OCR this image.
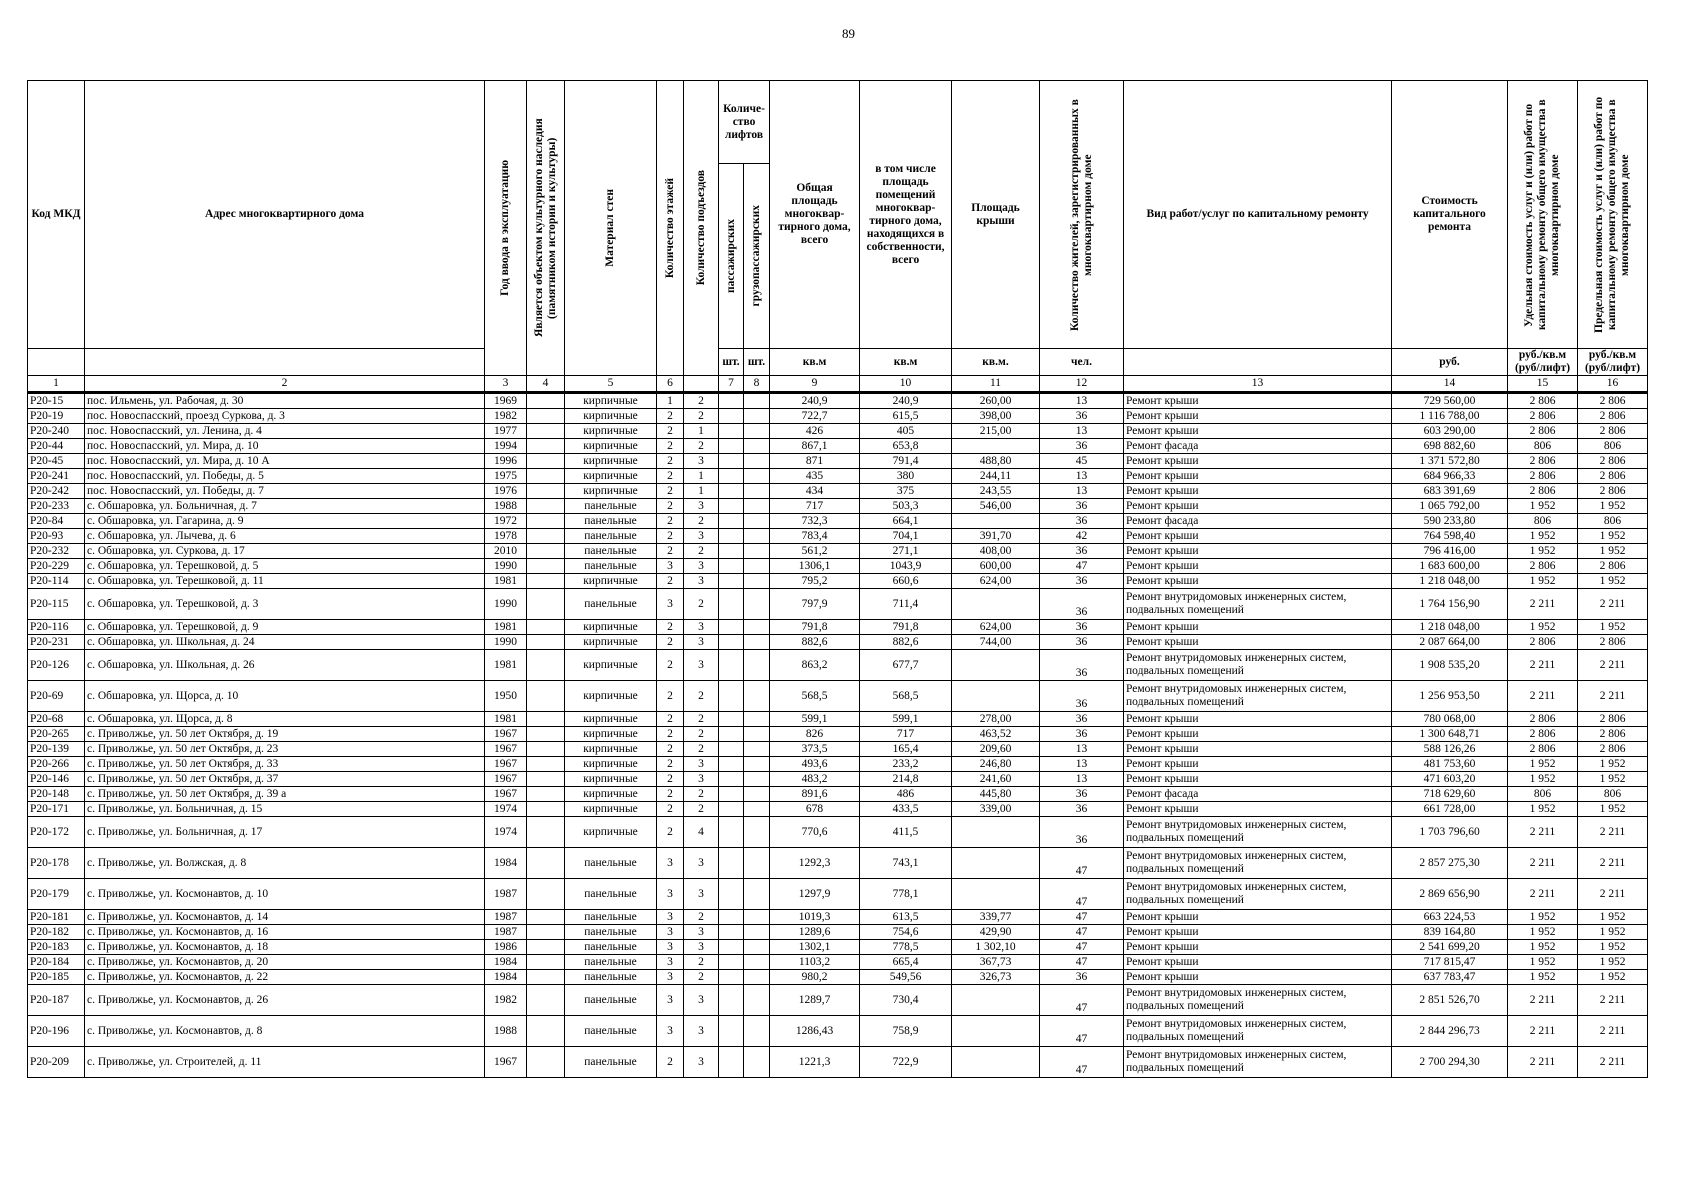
89
Код МКД	Адрес многоквартирного дома	Год ввода в эксплуатацию	Является объектом культурного наследия (памятником истории и культуры)	Материал стен	Количество этажей	Количество подъездов	Количе-ство лифтов		Общая площадь многоквар-тирного дома, всего	в том числе площадь помещений многоквар-тирного дома, находящихся в собственности, всего	Площадь крыши	Количество жителей, зарегистрированных в многоквартирном доме	Вид работ/услуг по капитальному ремонту	Стоимость капитального ремонта	Удельная стоимость услуг и (или) работ по капитальному ремонту общего имущества в многоквартирном доме	Предельная стоимость услуг и (или) работ по капитальному ремонту общего имущества в многоквартирном доме

							пассажирских	грузопассажирских								

							шт.	шт.	кв.м	кв.м	кв.м.	чел.		руб.	руб./кв.м (руб/лифт)	руб./кв.м (руб/лифт)
1	2	3	4	5	6		7	8	9	10	11	12	13	14	15	16
Р20-15	пос. Ильмень, ул. Рабочая, д. 30	1969		кирпичные	1	2			240,9	240,9	260,00	13	Ремонт крыши	729 560,00	2 806	2 806
Р20-19	пос. Новоспасский, проезд Суркова, д. 3	1982		кирпичные	2	2			722,7	615,5	398,00	36	Ремонт крыши	1 116 788,00	2 806	2 806
Р20-240	пос. Новоспасский, ул. Ленина, д. 4	1977		кирпичные	2	1			426	405	215,00	13	Ремонт крыши	603 290,00	2 806	2 806
Р20-44	пос. Новоспасский, ул. Мира, д. 10	1994		кирпичные	2	2			867,1	653,8		36	Ремонт фасада	698 882,60	806	806
Р20-45	пос. Новоспасский, ул. Мира, д. 10 А	1996		кирпичные	2	3			871	791,4	488,80	45	Ремонт крыши	1 371 572,80	2 806	2 806
Р20-241	пос. Новоспасский, ул. Победы, д. 5	1975		кирпичные	2	1			435	380	244,11	13	Ремонт крыши	684 966,33	2 806	2 806
Р20-242	пос. Новоспасский, ул. Победы, д. 7	1976		кирпичные	2	1			434	375	243,55	13	Ремонт крыши	683 391,69	2 806	2 806
Р20-233	с. Обшаровка, ул. Больничная, д. 7	1988		панельные	2	3			717	503,3	546,00	36	Ремонт крыши	1 065 792,00	1 952	1 952
Р20-84	с. Обшаровка, ул. Гагарина, д. 9	1972		панельные	2	2			732,3	664,1		36	Ремонт фасада	590 233,80	806	806
Р20-93	с. Обшаровка, ул. Лычева, д. 6	1978		панельные	2	3			783,4	704,1	391,70	42	Ремонт крыши	764 598,40	1 952	1 952
Р20-232	с. Обшаровка, ул. Суркова, д. 17	2010		панельные	2	2			561,2	271,1	408,00	36	Ремонт крыши	796 416,00	1 952	1 952
Р20-229	с. Обшаровка, ул. Терешковой, д. 5	1990		панельные	3	3			1306,1	1043,9	600,00	47	Ремонт крыши	1 683 600,00	2 806	2 806
Р20-114	с. Обшаровка, ул. Терешковой, д. 11	1981		кирпичные	2	3			795,2	660,6	624,00	36	Ремонт крыши	1 218 048,00	1 952	1 952
Р20-115	с. Обшаровка, ул. Терешковой, д. 3	1990		панельные	3	2			797,9	711,4		36	Ремонт внутридомовых инженерных систем, подвальных помещений	1 764 156,90	2 211	2 211
Р20-116	с. Обшаровка, ул. Терешковой, д. 9	1981		кирпичные	2	3			791,8	791,8	624,00	36	Ремонт крыши	1 218 048,00	1 952	1 952
Р20-231	с. Обшаровка, ул. Школьная, д. 24	1990		кирпичные	2	3			882,6	882,6	744,00	36	Ремонт крыши	2 087 664,00	2 806	2 806
Р20-126	с. Обшаровка, ул. Школьная, д. 26	1981		кирпичные	2	3			863,2	677,7		36	Ремонт внутридомовых инженерных систем, подвальных помещений	1 908 535,20	2 211	2 211
Р20-69	с. Обшаровка, ул. Щорса, д. 10	1950		кирпичные	2	2			568,5	568,5		36	Ремонт внутридомовых инженерных систем, подвальных помещений	1 256 953,50	2 211	2 211
Р20-68	с. Обшаровка, ул. Щорса, д. 8	1981		кирпичные	2	2			599,1	599,1	278,00	36	Ремонт крыши	780 068,00	2 806	2 806
Р20-265	с. Приволжье, ул. 50 лет Октября, д. 19	1967		кирпичные	2	2			826	717	463,52	36	Ремонт крыши	1 300 648,71	2 806	2 806
Р20-139	с. Приволжье, ул. 50 лет Октября, д. 23	1967		кирпичные	2	2			373,5	165,4	209,60	13	Ремонт крыши	588 126,26	2 806	2 806
Р20-266	с. Приволжье, ул. 50 лет Октября, д. 33	1967		кирпичные	2	3			493,6	233,2	246,80	13	Ремонт крыши	481 753,60	1 952	1 952
Р20-146	с. Приволжье, ул. 50 лет Октября, д. 37	1967		кирпичные	2	3			483,2	214,8	241,60	13	Ремонт крыши	471 603,20	1 952	1 952
Р20-148	с. Приволжье, ул. 50 лет Октября, д. 39 а	1967		кирпичные	2	2			891,6	486	445,80	36	Ремонт фасада	718 629,60	806	806
Р20-171	с. Приволжье, ул. Больничная, д. 15	1974		кирпичные	2	2			678	433,5	339,00	36	Ремонт крыши	661 728,00	1 952	1 952
Р20-172	с. Приволжье, ул. Больничная, д. 17	1974		кирпичные	2	4			770,6	411,5		36	Ремонт внутридомовых инженерных систем, подвальных помещений	1 703 796,60	2 211	2 211
Р20-178	с. Приволжье, ул. Волжская, д. 8	1984		панельные	3	3			1292,3	743,1		47	Ремонт внутридомовых инженерных систем, подвальных помещений	2 857 275,30	2 211	2 211
Р20-179	с. Приволжье, ул. Космонавтов, д. 10	1987		панельные	3	3			1297,9	778,1		47	Ремонт внутридомовых инженерных систем, подвальных помещений	2 869 656,90	2 211	2 211
Р20-181	с. Приволжье, ул. Космонавтов, д. 14	1987		панельные	3	2			1019,3	613,5	339,77	47	Ремонт крыши	663 224,53	1 952	1 952
Р20-182	с. Приволжье, ул. Космонавтов, д. 16	1987		панельные	3	3			1289,6	754,6	429,90	47	Ремонт крыши	839 164,80	1 952	1 952
Р20-183	с. Приволжье, ул. Космонавтов, д. 18	1986		панельные	3	3			1302,1	778,5	1 302,10	47	Ремонт крыши	2 541 699,20	1 952	1 952
Р20-184	с. Приволжье, ул. Космонавтов, д. 20	1984		панельные	3	2			1103,2	665,4	367,73	47	Ремонт крыши	717 815,47	1 952	1 952
Р20-185	с. Приволжье, ул. Космонавтов, д. 22	1984		панельные	3	2			980,2	549,56	326,73	36	Ремонт крыши	637 783,47	1 952	1 952
Р20-187	с. Приволжье, ул. Космонавтов, д. 26	1982		панельные	3	3			1289,7	730,4		47	Ремонт внутридомовых инженерных систем, подвальных помещений	2 851 526,70	2 211	2 211
Р20-196	с. Приволжье, ул. Космонавтов, д. 8	1988		панельные	3	3			1286,43	758,9		47	Ремонт внутридомовых инженерных систем, подвальных помещений	2 844 296,73	2 211	2 211
Р20-209	с. Приволжье, ул. Строителей, д. 11	1967		панельные	2	3			1221,3	722,9		47	Ремонт внутридомовых инженерных систем, подвальных помещений	2 700 294,30	2 211	2 211
